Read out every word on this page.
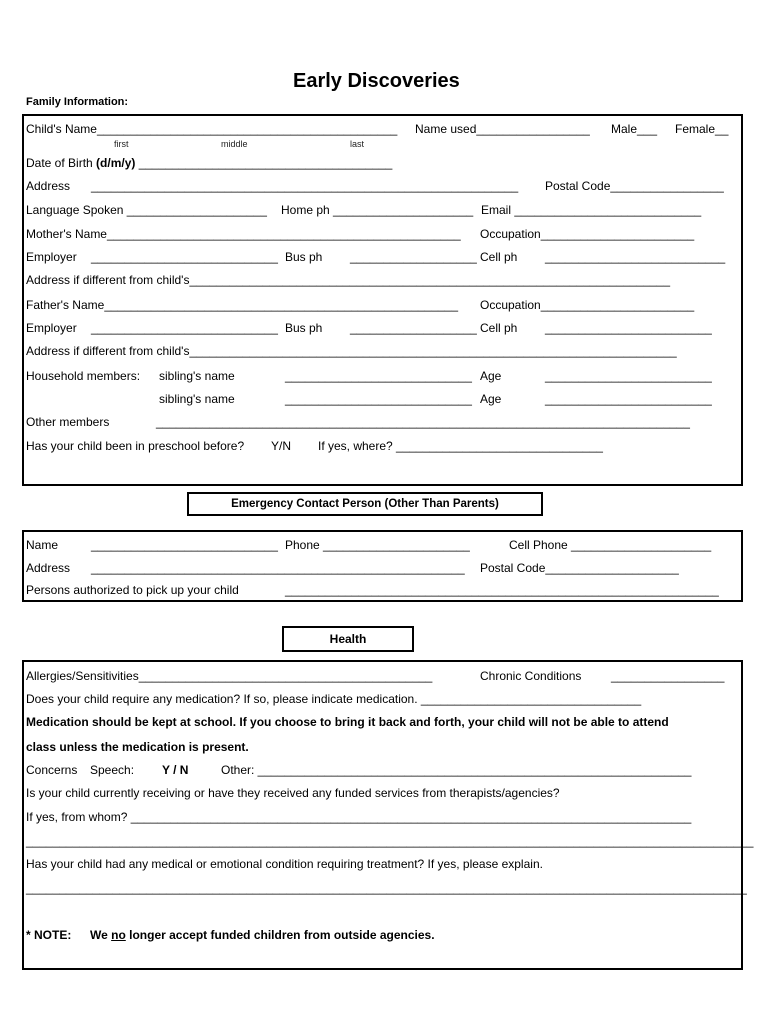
Early Discoveries
Family Information:
Child's Name_____________________________________________ Name used_________________ Male___ Female__
first	middle	last
Date of Birth (d/m/y) ______________________________________
Address ________________________________________________________________ Postal Code_________________
Language Spoken _____________________ Home ph _____________________ Email ____________________________
Mother's Name_____________________________________________________ Occupation_______________________
Employer ____________________________ Bus ph ___________________ Cell ph ___________________________
Address if different from child's________________________________________________________________________
Father's Name_____________________________________________________ Occupation_______________________
Employer ____________________________ Bus ph ___________________ Cell ph _________________________
Address if different from child's_________________________________________________________________________
Household members: sibling's name	____________________________ Age	_________________________
sibling's name	____________________________ Age	_________________________
Other members	________________________________________________________________________________
Has your child been in preschool before? Y/N If yes, where? _______________________________
Emergency Contact Person (Other Than Parents)
Name	____________________________ Phone ______________________	Cell Phone _____________________
Address ________________________________________________________ Postal Code____________________
Persons authorized to pick up your child	_________________________________________________________________
Health
Allergies/Sensitivities____________________________________________	Chronic Conditions _________________
Does your child require any medication? If so, please indicate medication. _________________________________
Medication should be kept at school. If you choose to bring it back and forth, your child will not be able to attend
class unless the medication is present.
Concerns Speech: Y / N	Other: _________________________________________________________________
Is your child currently receiving or have they received any funded services from therapists/agencies?
If yes, from whom? ____________________________________________________________________________________
_____________________________________________________________________________________________________________
Has your child had any medical or emotional condition requiring treatment? If yes, please explain.
____________________________________________________________________________________________________________
* NOTE: We no longer accept funded children from outside agencies.
